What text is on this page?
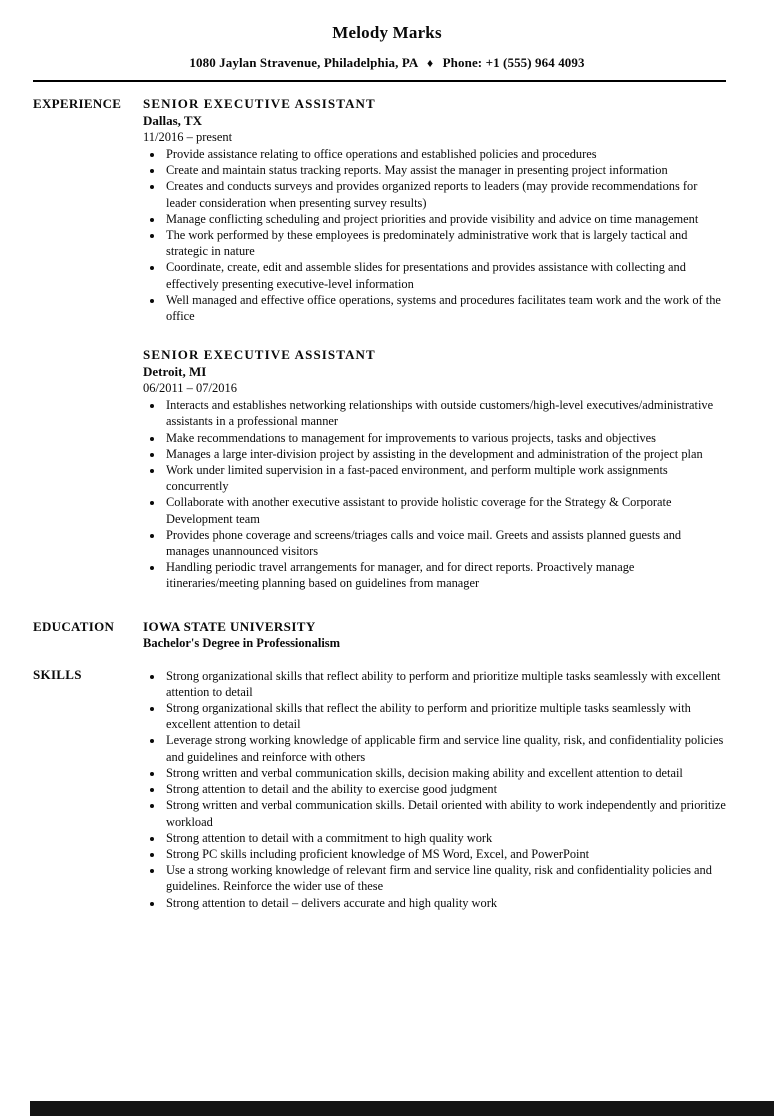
Melody Marks
1080 Jaylan Stravenue, Philadelphia, PA ♦ Phone: +1 (555) 964 4093
EXPERIENCE	SENIOR EXECUTIVE ASSISTANT
Dallas, TX
11/2016 – present
• Provide assistance relating to office operations and established policies and procedures
• Create and maintain status tracking reports. May assist the manager in presenting project information
• Creates and conducts surveys and provides organized reports to leaders (may provide recommendations for leader consideration when presenting survey results)
• Manage conflicting scheduling and project priorities and provide visibility and advice on time management
• The work performed by these employees is predominately administrative work that is largely tactical and strategic in nature
• Coordinate, create, edit and assemble slides for presentations and provides assistance with collecting and effectively presenting executive-level information
• Well managed and effective office operations, systems and procedures facilitates team work and the work of the office
SENIOR EXECUTIVE ASSISTANT
Detroit, MI
06/2011 – 07/2016
• Interacts and establishes networking relationships with outside customers/high-level executives/administrative assistants in a professional manner
• Make recommendations to management for improvements to various projects, tasks and objectives
• Manages a large inter-division project by assisting in the development and administration of the project plan
• Work under limited supervision in a fast-paced environment, and perform multiple work assignments concurrently
• Collaborate with another executive assistant to provide holistic coverage for the Strategy & Corporate Development team
• Provides phone coverage and screens/triages calls and voice mail. Greets and assists planned guests and manages unannounced visitors
• Handling periodic travel arrangements for manager, and for direct reports. Proactively manage itineraries/meeting planning based on guidelines from manager
EDUCATION	IOWA STATE UNIVERSITY
Bachelor's Degree in Professionalism
SKILLS	• Strong organizational skills that reflect ability to perform and prioritize multiple tasks seamlessly with excellent attention to detail
• Strong organizational skills that reflect the ability to perform and prioritize multiple tasks seamlessly with excellent attention to detail
• Leverage strong working knowledge of applicable firm and service line quality, risk, and confidentiality policies and guidelines and reinforce with others
• Strong written and verbal communication skills, decision making ability and excellent attention to detail
• Strong attention to detail and the ability to exercise good judgment
• Strong written and verbal communication skills. Detail oriented with ability to work independently and prioritize workload
• Strong attention to detail with a commitment to high quality work
• Strong PC skills including proficient knowledge of MS Word, Excel, and PowerPoint
• Use a strong working knowledge of relevant firm and service line quality, risk and confidentiality policies and guidelines. Reinforce the wider use of these
• Strong attention to detail – delivers accurate and high quality work
